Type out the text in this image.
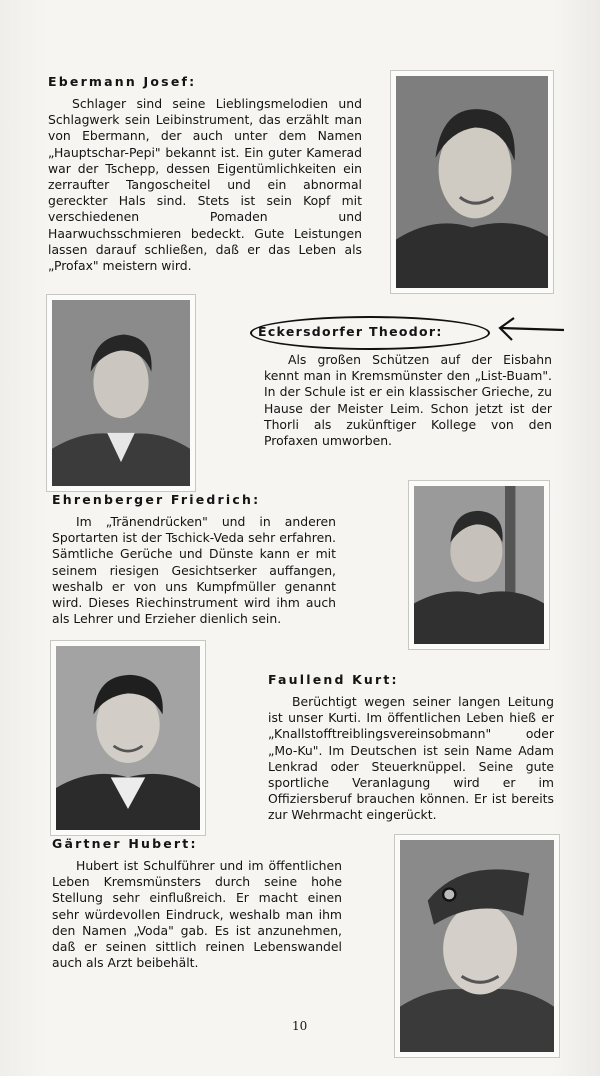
Ebermann Josef:

Schlager sind seine Lieblingsmelodien und Schlagwerk sein Leibinstrument, das erzählt man von Ebermann, der auch unter dem Namen „Hauptschar-Pepi" bekannt ist. Ein guter Kamerad war der Tschepp, dessen Eigentümlichkeiten ein zerraufter Tangoscheitel und ein abnormal gereckter Hals sind. Stets ist sein Kopf mit verschiedenen Pomaden und Haarwuchsschmieren bedeckt. Gute Leistungen lassen darauf schließen, daß er das Leben als „Profax" meistern wird.

Eckersdorfer Theodor:

Als großen Schützen auf der Eisbahn kennt man in Kremsmünster den „List-Buam". In der Schule ist er ein klassischer Grieche, zu Hause der Meister Leim. Schon jetzt ist der Thorli als zukünftiger Kollege von den Profaxen umworben.

Ehrenberger Friedrich:

Im „Tränendrücken" und in anderen Sportarten ist der Tschick-Veda sehr erfahren. Sämtliche Gerüche und Dünste kann er mit seinem riesigen Gesichtserker auffangen, weshalb er von uns Kumpfmüller genannt wird. Dieses Riechinstrument wird ihm auch als Lehrer und Erzieher dienlich sein.

Faullend Kurt:

Berüchtigt wegen seiner langen Leitung ist unser Kurti. Im öffentlichen Leben hieß er „Knallstofftreiblingsvereinsobmann" oder „Mo-Ku". Im Deutschen ist sein Name Adam Lenkrad oder Steuerknüppel. Seine gute sportliche Veranlagung wird er im Offiziersberuf brauchen können. Er ist bereits zur Wehrmacht eingerückt.

Gärtner Hubert:

Hubert ist Schulführer und im öffentlichen Leben Kremsmünsters durch seine hohe Stellung sehr einflußreich. Er macht einen sehr würdevollen Eindruck, weshalb man ihm den Namen „Voda" gab. Es ist anzunehmen, daß er seinen sittlich reinen Lebenswandel auch als Arzt beibehält.

10
